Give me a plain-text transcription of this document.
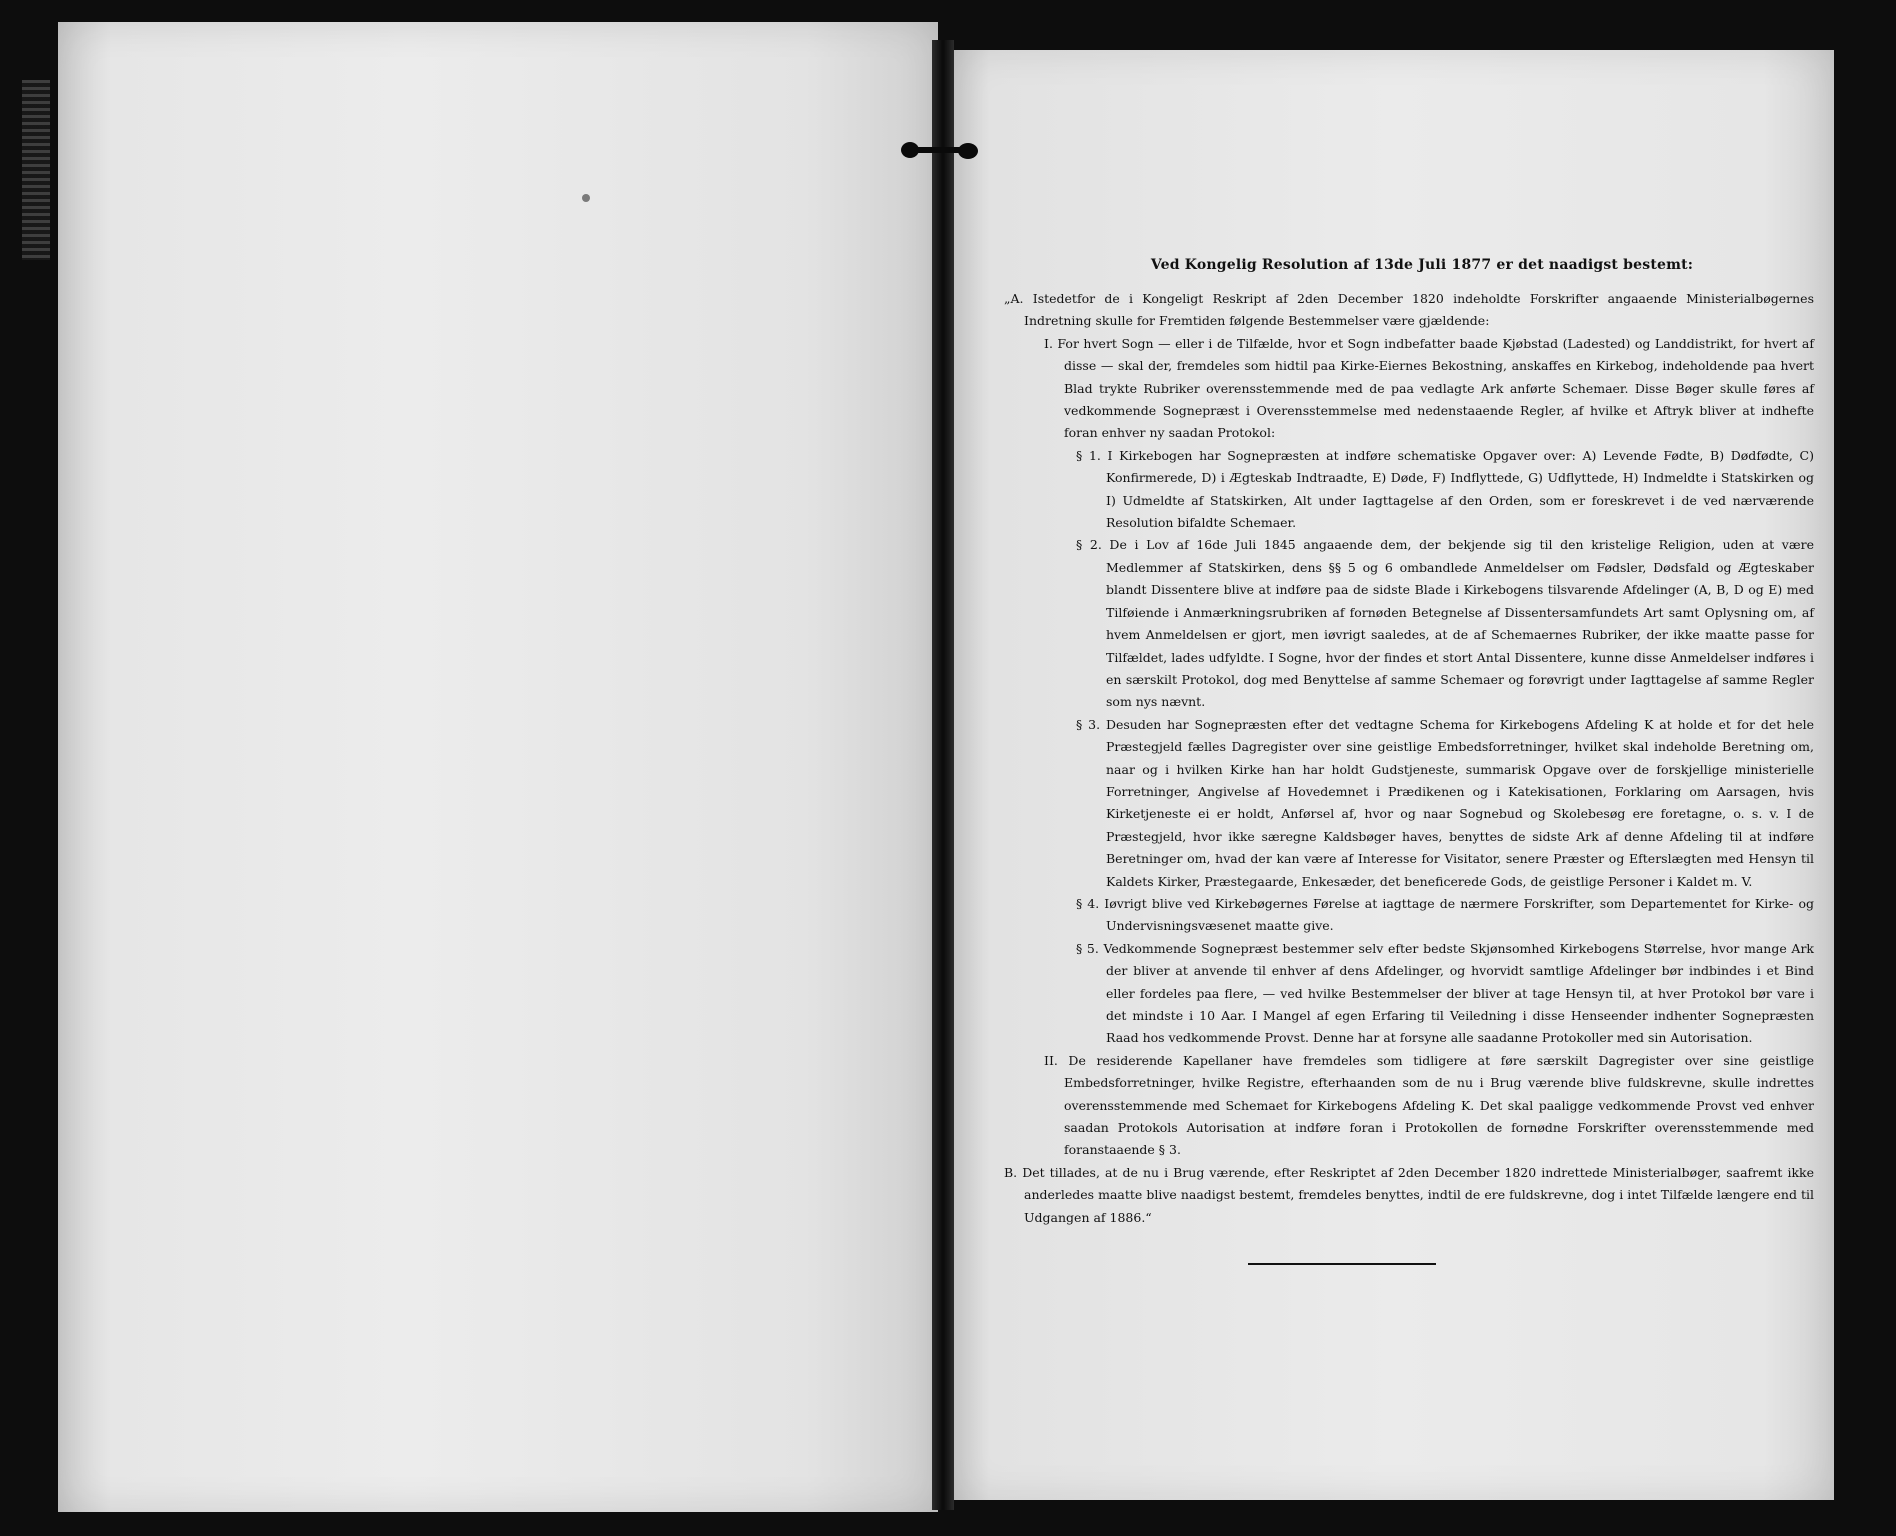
Ved Kongelig Resolution af 13de Juli 1877 er det naadigst bestemt:

„A. Istedetfor de i Kongeligt Reskript af 2den December 1820 indeholdte Forskrifter angaaende Ministerialbøgernes Indretning skulle for Fremtiden følgende Bestemmelser være gjældende:

I. For hvert Sogn — eller i de Tilfælde, hvor et Sogn indbefatter baade Kjøbstad (Ladested) og Landdistrikt, for hvert af disse — skal der, fremdeles som hidtil paa Kirke-Eiernes Bekostning, anskaffes en Kirkebog, indeholdende paa hvert Blad trykte Rubriker overensstemmende med de paa vedlagte Ark anførte Schemaer. Disse Bøger skulle føres af vedkommende Sognepræst i Overensstemmelse med nedenstaaende Regler, af hvilke et Aftryk bliver at indhefte foran enhver ny saadan Protokol:

§ 1. I Kirkebogen har Sognepræsten at indføre schematiske Opgaver over: A) Levende Fødte, B) Dødfødte, C) Konfirmerede, D) i Ægteskab Indtraadte, E) Døde, F) Indflyttede, G) Udflyttede, H) Indmeldte i Statskirken og I) Udmeldte af Statskirken, Alt under Iagttagelse af den Orden, som er foreskrevet i de ved nærværende Resolution bifaldte Schemaer.

§ 2. De i Lov af 16de Juli 1845 angaaende dem, der bekjende sig til den kristelige Religion, uden at være Medlemmer af Statskirken, dens §§ 5 og 6 ombandlede Anmeldelser om Fødsler, Dødsfald og Ægteskaber blandt Dissentere blive at indføre paa de sidste Blade i Kirkebogens tilsvarende Afdelinger (A, B, D og E) med Tilføiende i Anmærkningsrubriken af fornøden Betegnelse af Dissentersamfundets Art samt Oplysning om, af hvem Anmeldelsen er gjort, men iøvrigt saaledes, at de af Schemaernes Rubriker, der ikke maatte passe for Tilfældet, lades udfyldte. I Sogne, hvor der findes et stort Antal Dissentere, kunne disse Anmeldelser indføres i en særskilt Protokol, dog med Benyttelse af samme Schemaer og forøvrigt under Iagttagelse af samme Regler som nys nævnt.

§ 3. Desuden har Sognepræsten efter det vedtagne Schema for Kirkebogens Afdeling K at holde et for det hele Præstegjeld fælles Dagregister over sine geistlige Embedsforretninger, hvilket skal indeholde Beretning om, naar og i hvilken Kirke han har holdt Gudstjeneste, summarisk Opgave over de forskjellige ministerielle Forretninger, Angivelse af Hovedemnet i Prædikenen og i Katekisationen, Forklaring om Aarsagen, hvis Kirketjeneste ei er holdt, Anførsel af, hvor og naar Sognebud og Skolebesøg ere foretagne, o. s. v. I de Præstegjeld, hvor ikke særegne Kaldsbøger haves, benyttes de sidste Ark af denne Afdeling til at indføre Beretninger om, hvad der kan være af Interesse for Visitator, senere Præster og Efterslægten med Hensyn til Kaldets Kirker, Præstegaarde, Enkesæder, det beneficerede Gods, de geistlige Personer i Kaldet m. V.

§ 4. Iøvrigt blive ved Kirkebøgernes Førelse at iagttage de nærmere Forskrifter, som Departementet for Kirke- og Undervisningsvæsenet maatte give.

§ 5. Vedkommende Sognepræst bestemmer selv efter bedste Skjønsomhed Kirkebogens Størrelse, hvor mange Ark der bliver at anvende til enhver af dens Afdelinger, og hvorvidt samtlige Afdelinger bør indbindes i et Bind eller fordeles paa flere, — ved hvilke Bestemmelser der bliver at tage Hensyn til, at hver Protokol bør vare i det mindste i 10 Aar. I Mangel af egen Erfaring til Veiledning i disse Henseender indhenter Sognepræsten Raad hos vedkommende Provst. Denne har at forsyne alle saadanne Protokoller med sin Autorisation.

II. De residerende Kapellaner have fremdeles som tidligere at føre særskilt Dagregister over sine geistlige Embedsforretninger, hvilke Registre, efterhaanden som de nu i Brug værende blive fuldskrevne, skulle indrettes overensstemmende med Schemaet for Kirkebogens Afdeling K. Det skal paaligge vedkommende Provst ved enhver saadan Protokols Autorisation at indføre foran i Protokollen de fornødne Forskrifter overensstemmende med foranstaaende § 3.

B. Det tillades, at de nu i Brug værende, efter Reskriptet af 2den December 1820 indrettede Ministerialbøger, saafremt ikke anderledes maatte blive naadigst bestemt, fremdeles benyttes, indtil de ere fuldskrevne, dog i intet Tilfælde længere end til Udgangen af 1886.“
